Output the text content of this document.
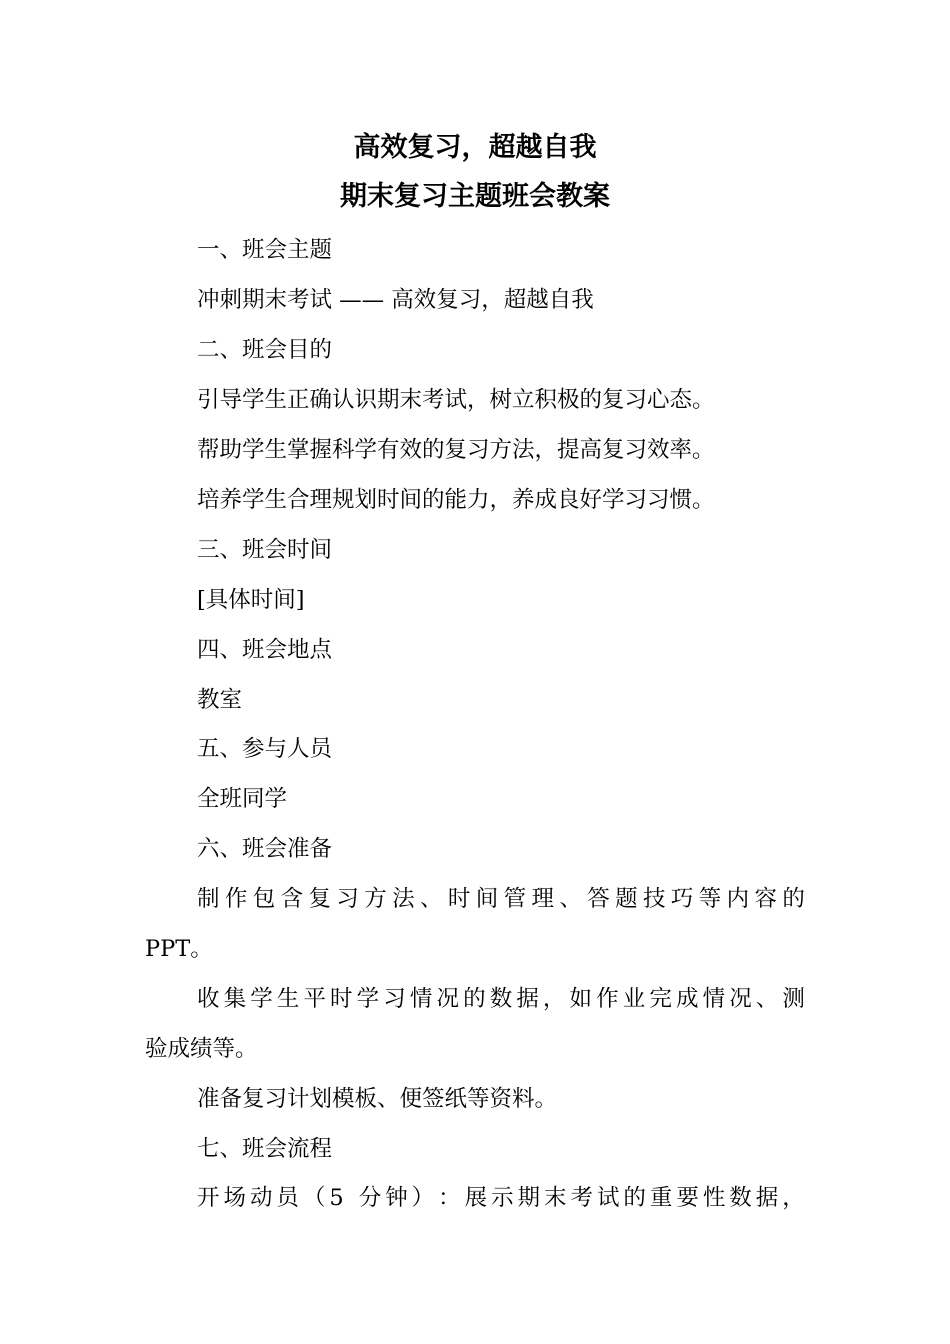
高效复习，超越自我
期末复习主题班会教案
一、班会主题
冲刺期末考试 —— 高效复习，超越自我
二、班会目的
引导学生正确认识期末考试，树立积极的复习心态。
帮助学生掌握科学有效的复习方法，提高复习效率。
培养学生合理规划时间的能力，养成良好学习习惯。
三、班会时间
[具体时间]
四、班会地点
教室
五、参与人员
全班同学
六、班会准备
制 作 包 含 复 习 方 法 、 时 间 管 理 、 答 题 技 巧 等 内 容 的
PPT。
收 集 学 生 平 时 学 习 情 况 的 数 据 ， 如 作 业 完 成 情 况 、 测
验成绩等。
准备复习计划模板、便签纸等资料。
七、班会流程
开 场 动 员 （ 5
分 钟 ） ： 展 示 期 末 考 试 的 重 要 性 数 据 ，
